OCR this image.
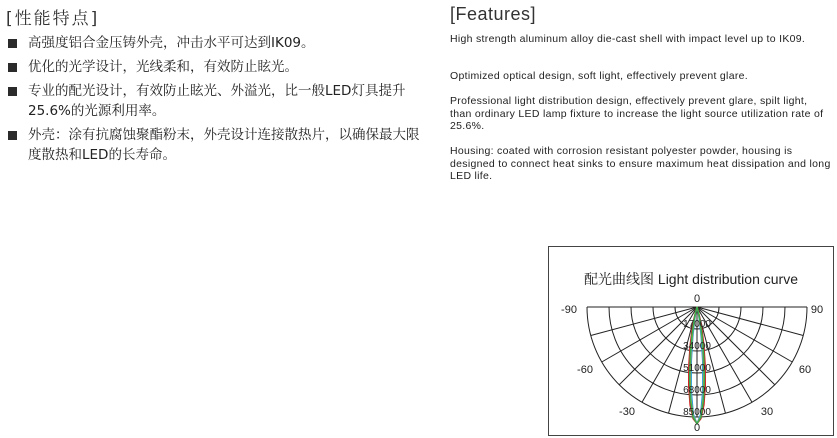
[性能特点]
高强度铝合金压铸外壳，冲击水平可达到IK09。
优化的光学设计，光线柔和，有效防止眩光。
专业的配光设计，有效防止眩光、外溢光，比一般LED灯具提升25.6%的光源利用率。
外壳：涂有抗腐蚀聚酯粉末，外壳设计连接散热片，以确保最大限度散热和LED的长寿命。
[Features]

High strength aluminum alloy die-cast shell with impact level up to IK09.

Optimized optical design, soft light, effectively prevent glare.

Professional light distribution design, effectively prevent glare, spilt light, than ordinary LED lamp fixture to increase the light source utilization rate of 25.6%.

Housing: coated with corrosion resistant polyester powder, housing is designed to connect heat sinks to ensure maximum heat dissipation and long LED life.

配光曲线图 Light distribution curve
17000
34000
51000
68000
85000
0
-90	90
-60	60
-30	30
0
